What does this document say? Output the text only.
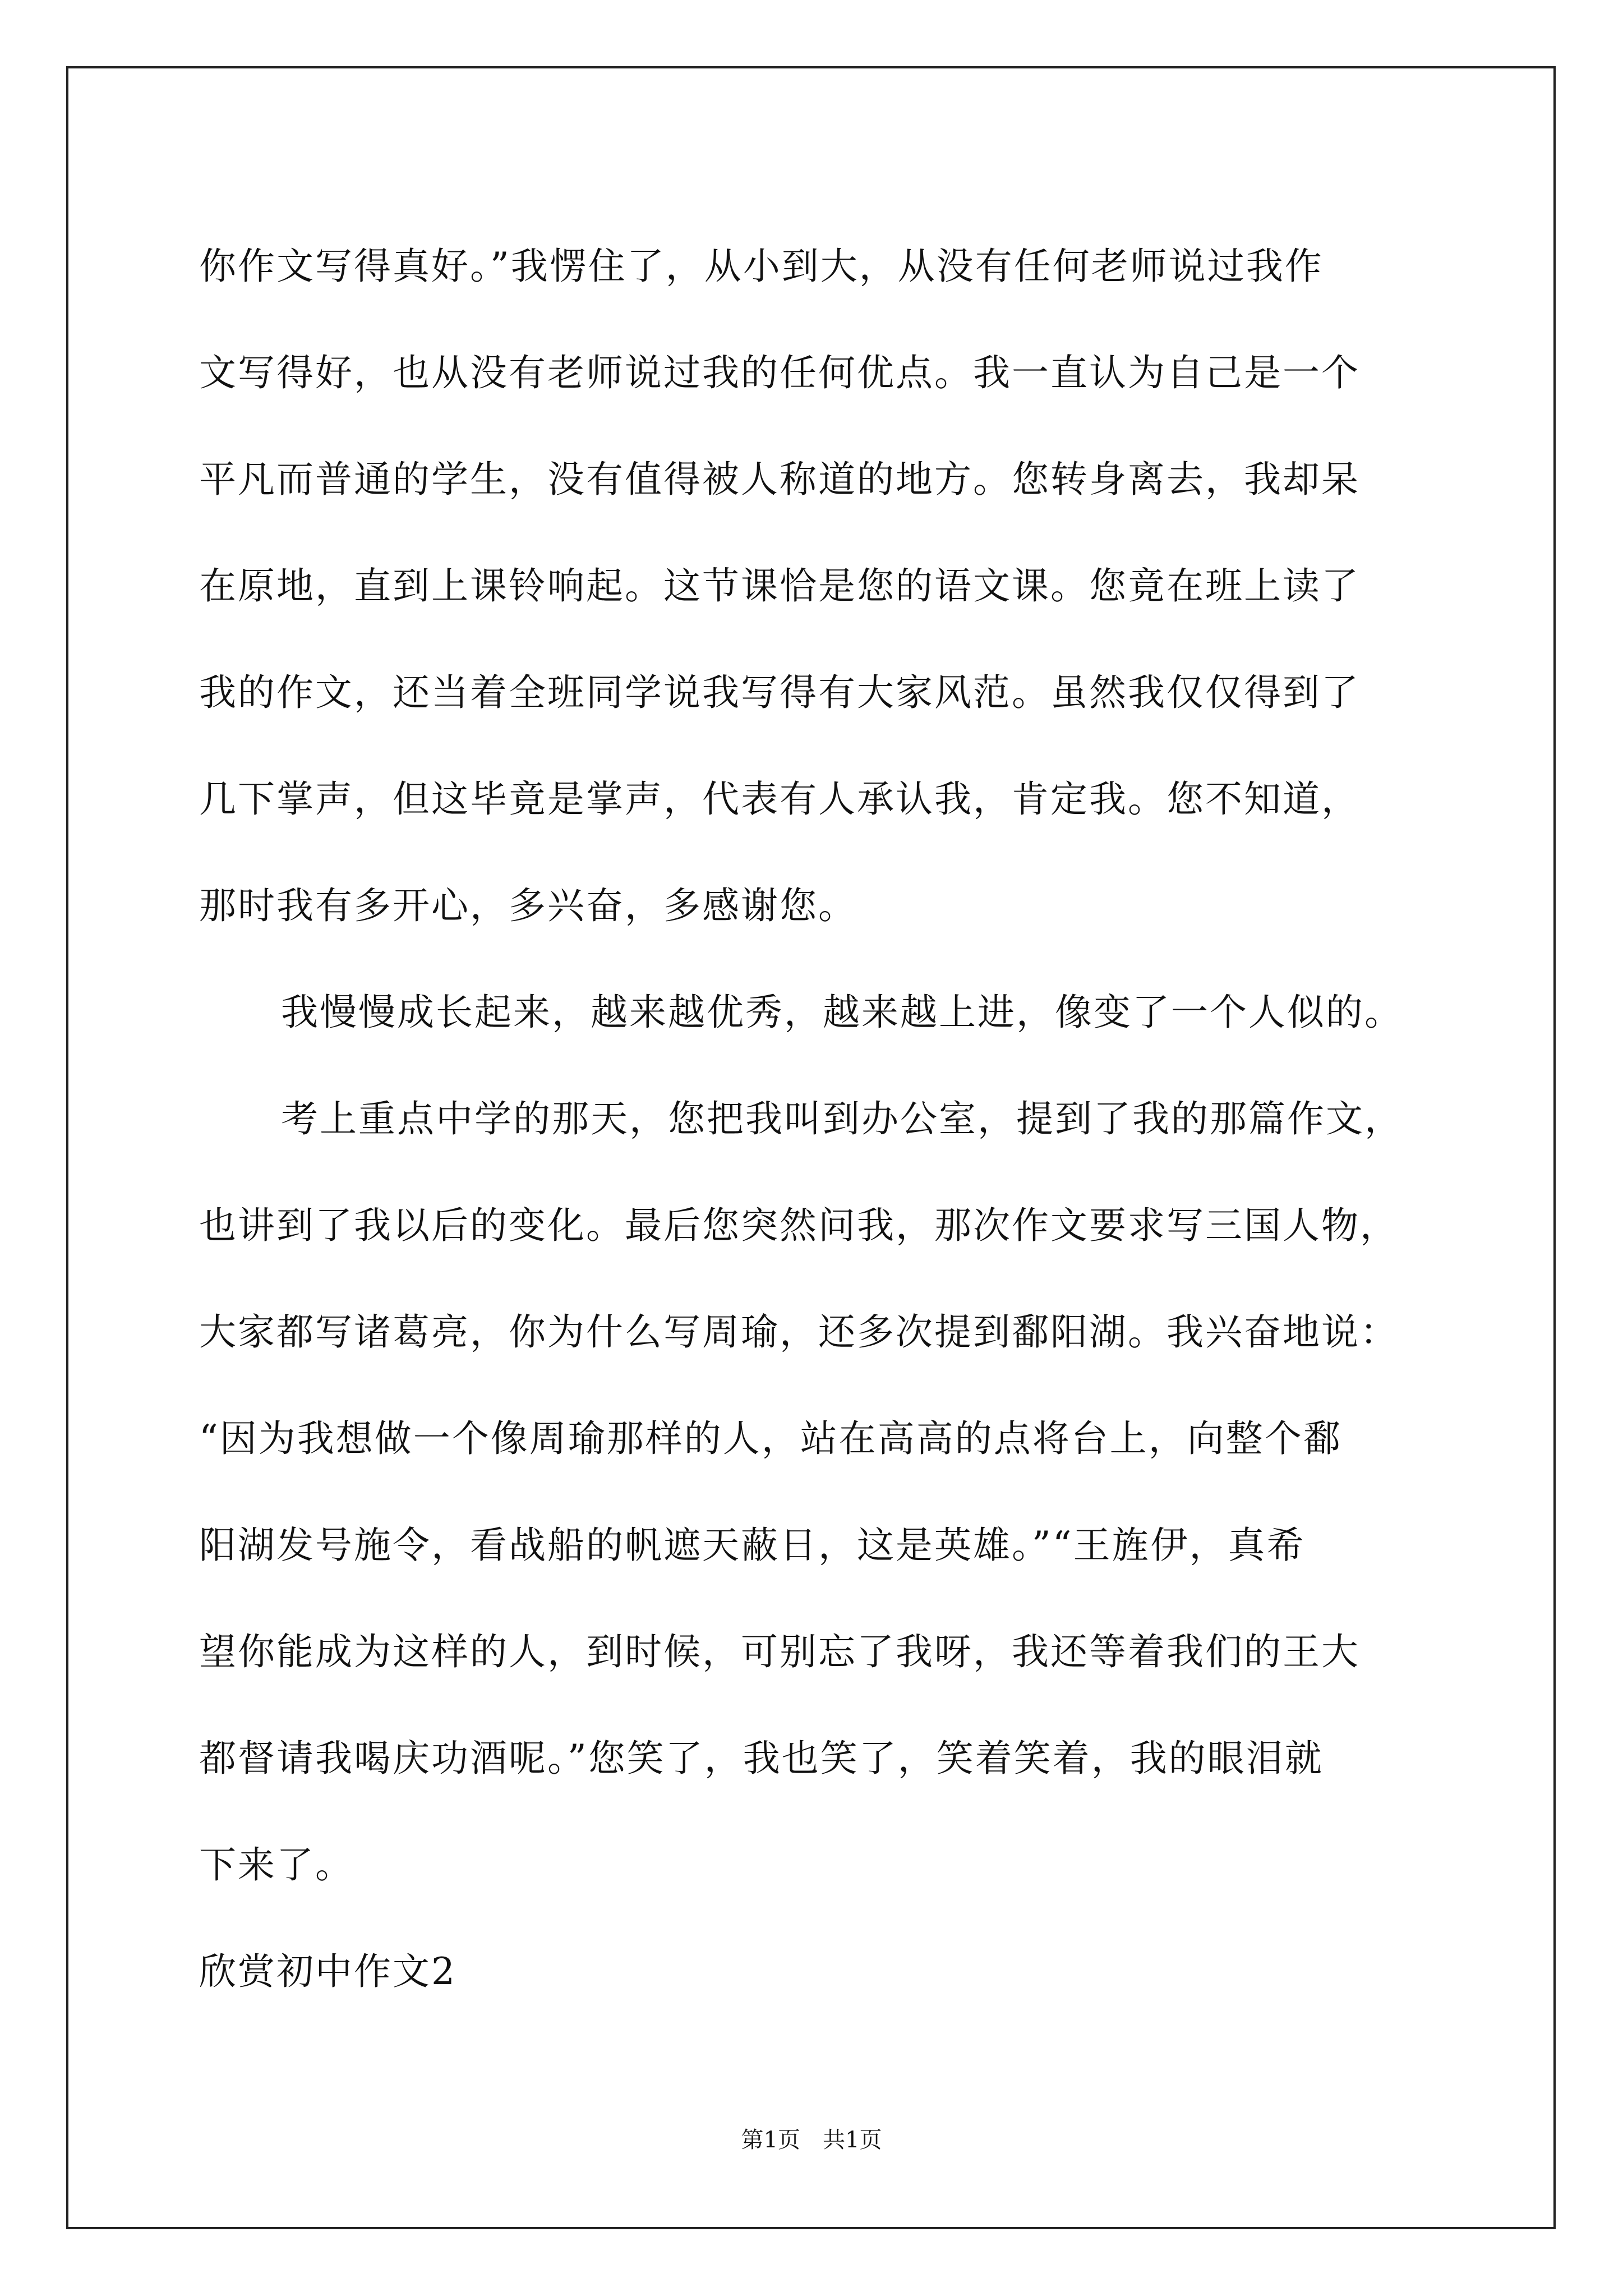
你作文写得真好。”我愣住了，从小到大，从没有任何老师说过我作
文写得好，也从没有老师说过我的任何优点。我一直认为自己是一个
平凡而普通的学生，没有值得被人称道的地方。您转身离去，我却呆
在原地，直到上课铃响起。这节课恰是您的语文课。您竟在班上读了
我的作文，还当着全班同学说我写得有大家风范。虽然我仅仅得到了
几下掌声，但这毕竟是掌声，代表有人承认我，肯定我。您不知道，
那时我有多开心，多兴奋，多感谢您。
我慢慢成长起来，越来越优秀，越来越上进，像变了一个人似的。
考上重点中学的那天，您把我叫到办公室，提到了我的那篇作文，
也讲到了我以后的变化。最后您突然问我，那次作文要求写三国人物，
大家都写诸葛亮，你为什么写周瑜，还多次提到鄱阳湖。我兴奋地说：
“因为我想做一个像周瑜那样的人，站在高高的点将台上，向整个鄱
阳湖发号施令，看战船的帆遮天蔽日，这是英雄。”“王旌伊，真希
望你能成为这样的人，到时候，可别忘了我呀，我还等着我们的王大
都督请我喝庆功酒呢。”您笑了，我也笑了，笑着笑着，我的眼泪就
下来了。
欣赏初中作文2
第1页　共1页
